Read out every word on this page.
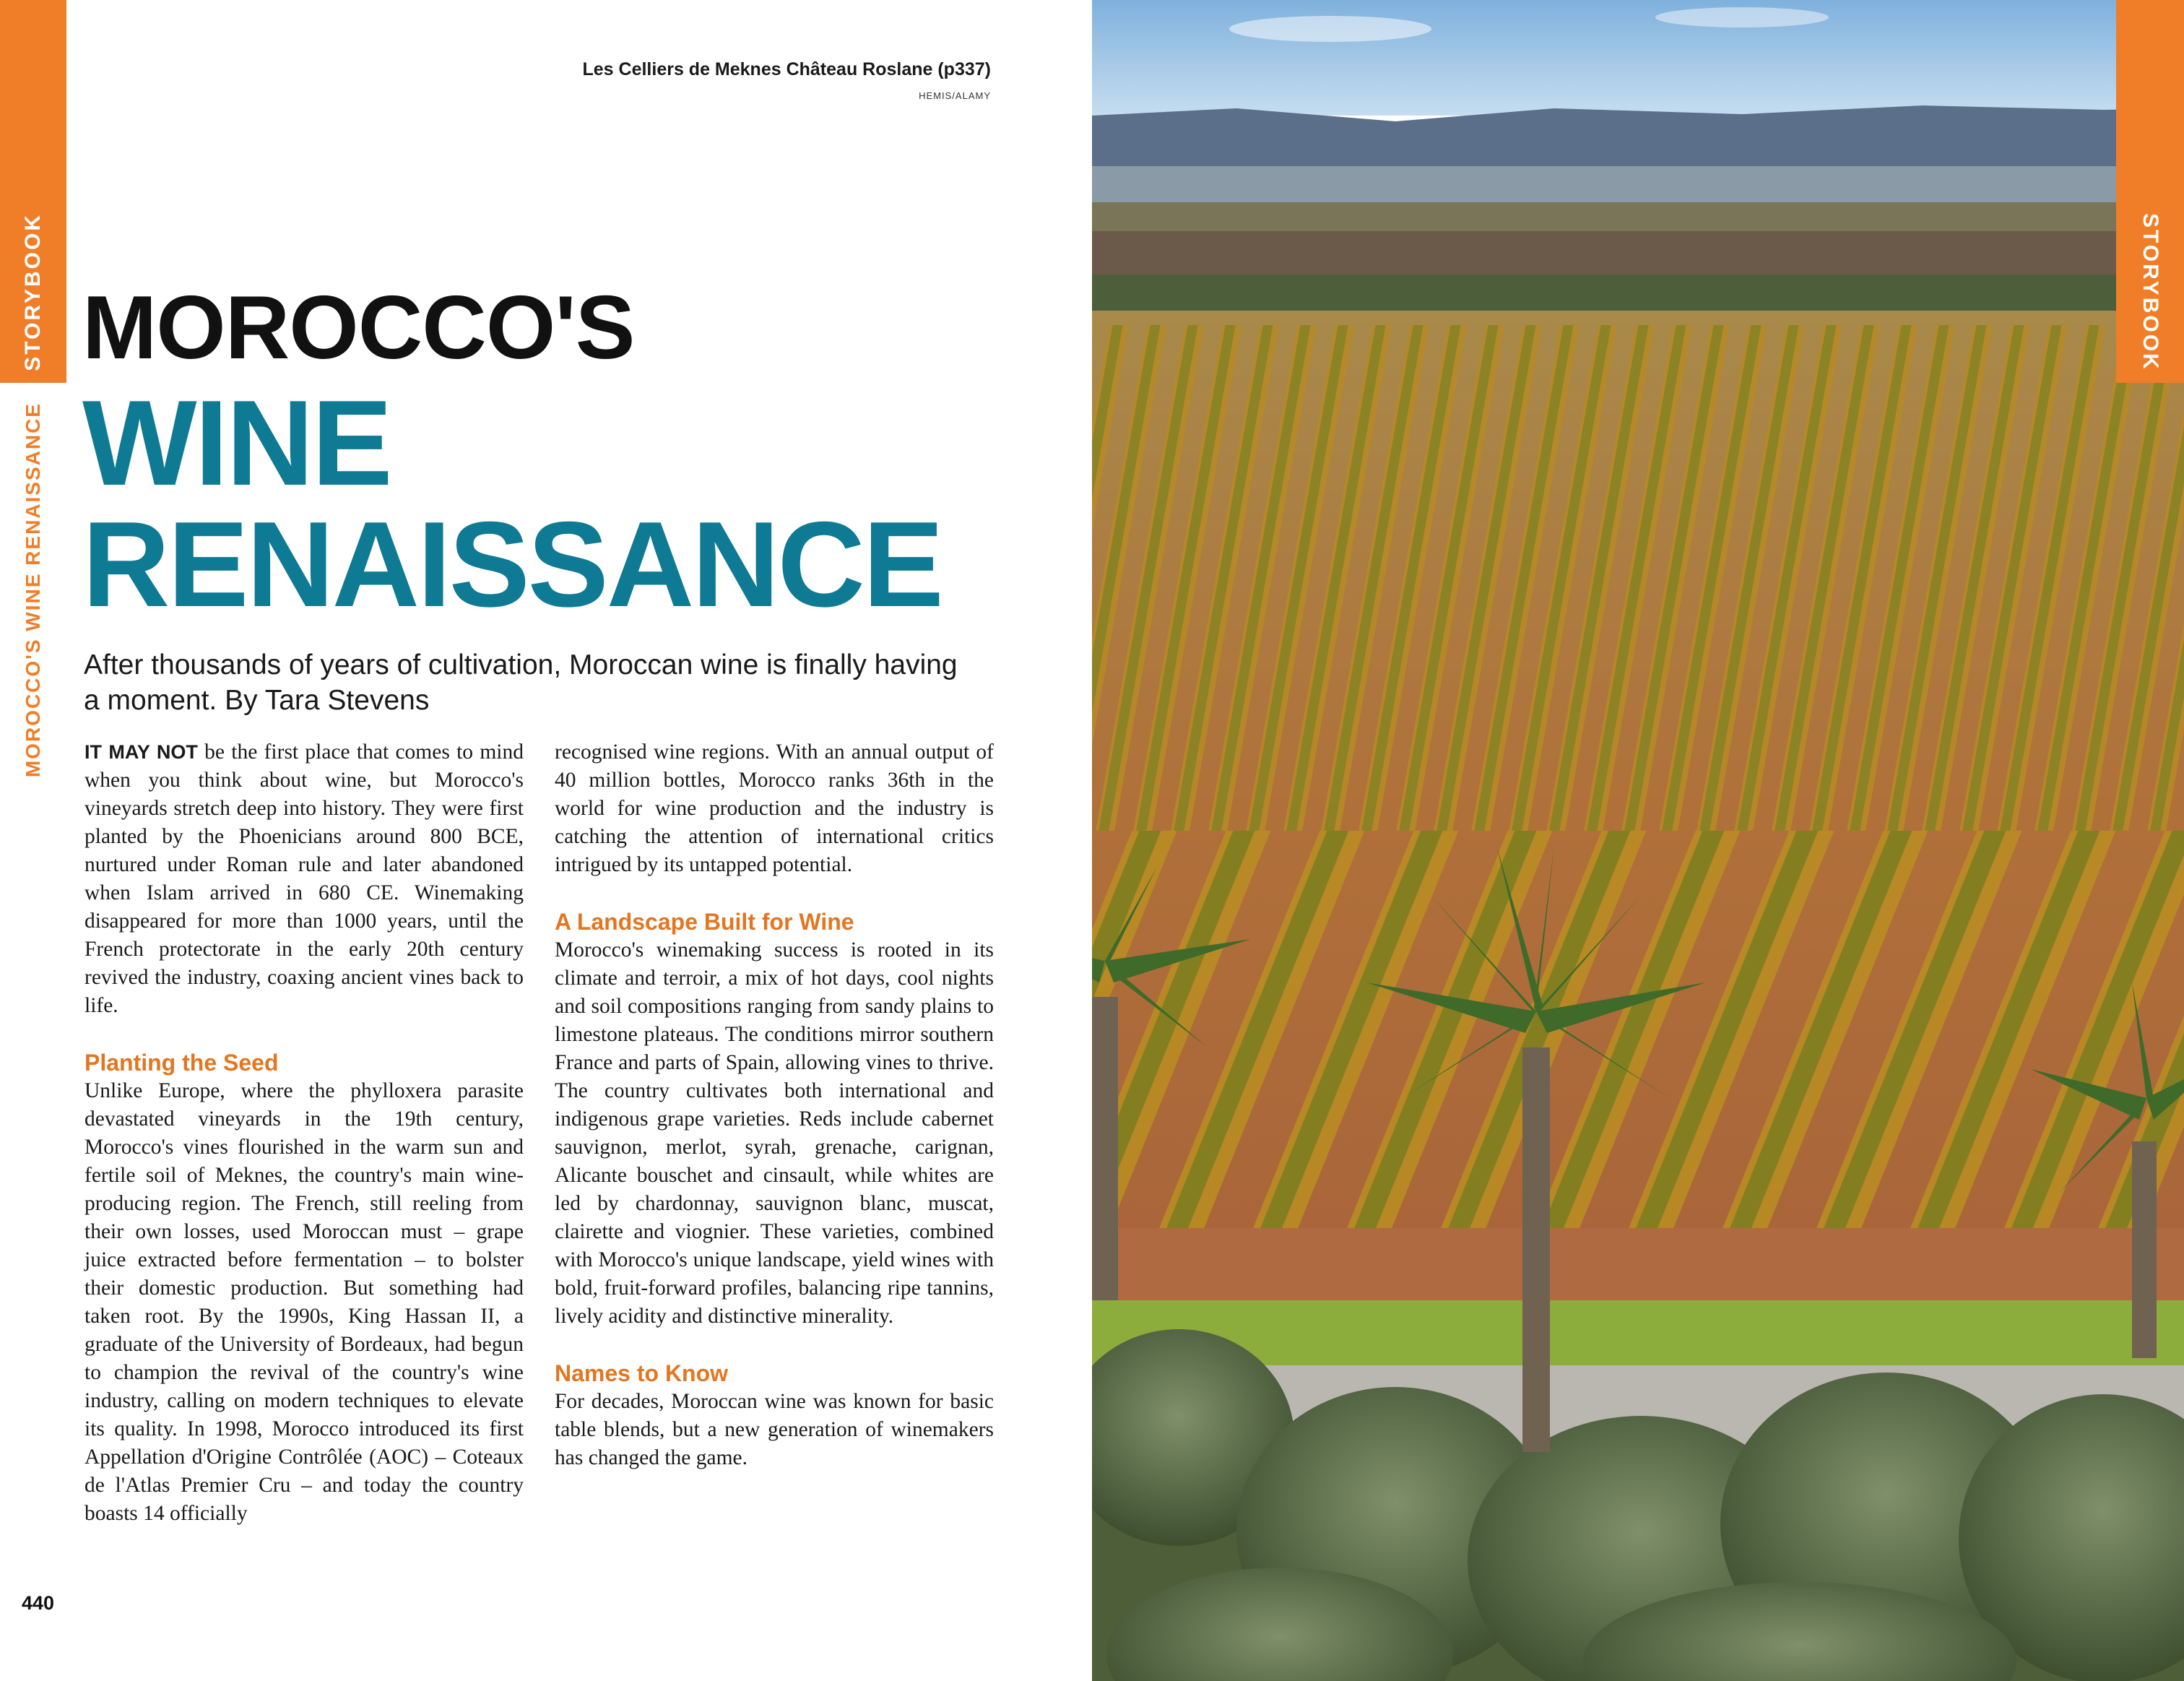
STORYBOOK
MOROCCO'S WINE RENAISSANCE
Les Celliers de Meknes Château Roslane (p337)
HEMIS/ALAMY
MOROCCO'S
WINE
RENAISSANCE
After thousands of years of cultivation, Moroccan wine is finally having a moment. By Tara Stevens

IT MAY NOT be the first place that comes to mind when you think about wine, but Morocco's vineyards stretch deep into history. They were first planted by the Phoenicians around 800 BCE, nurtured under Roman rule and later abandoned when Islam arrived in 680 CE. Winemaking disappeared for more than 1000 years, until the French protectorate in the early 20th century revived the industry, coaxing ancient vines back to life.

Planting the Seed

Unlike Europe, where the phylloxera parasite devastated vineyards in the 19th century, Morocco's vines flourished in the warm sun and fertile soil of Meknes, the country's main wine-producing region. The French, still reeling from their own losses, used Moroccan must – grape juice extracted before fermentation – to bolster their domestic production. But something had taken root. By the 1990s, King Hassan II, a graduate of the University of Bordeaux, had begun to champion the revival of the country's wine industry, calling on modern techniques to elevate its quality. In 1998, Morocco introduced its first Appellation d'Origine Contrôlée (AOC) – Coteaux de l'Atlas Premier Cru – and today the country boasts 14 officially

recognised wine regions. With an annual output of 40 million bottles, Morocco ranks 36th in the world for wine production and the industry is catching the attention of international critics intrigued by its untapped potential.

A Landscape Built for Wine

Morocco's winemaking success is rooted in its climate and terroir, a mix of hot days, cool nights and soil compositions ranging from sandy plains to limestone plateaus. The conditions mirror southern France and parts of Spain, allowing vines to thrive. The country cultivates both international and indigenous grape varieties. Reds include cabernet sauvignon, merlot, syrah, grenache, carignan, Alicante bouschet and cinsault, while whites are led by chardonnay, sauvignon blanc, muscat, clairette and viognier. These varieties, combined with Morocco's unique landscape, yield wines with bold, fruit-forward profiles, balancing ripe tannins, lively acidity and distinctive minerality.

Names to Know

For decades, Moroccan wine was known for basic table blends, but a new generation of winemakers has changed the game.

440
STORYBOOK
